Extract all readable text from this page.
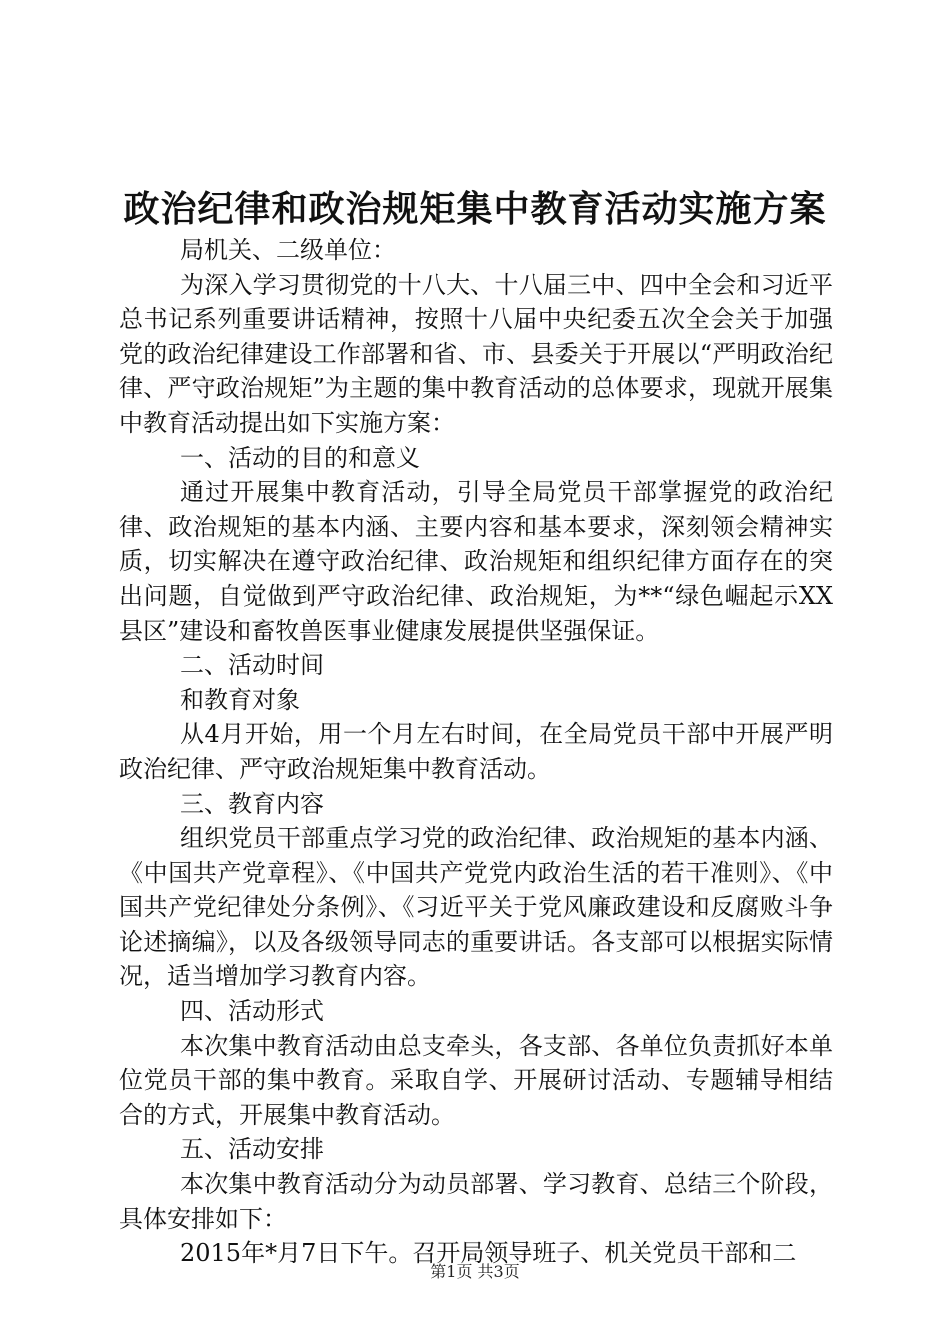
政治纪律和政治规矩集中教育活动实施方案

局机关、二级单位：

为深入学习贯彻党的十八大、十八届三中、四中全会和习近平总书记系列重要讲话精神，按照十八届中央纪委五次全会关于加强党的政治纪律建设工作部署和省、市、县委关于开展以“严明政治纪律、严守政治规矩”为主题的集中教育活动的总体要求，现就开展集中教育活动提出如下实施方案：

一、活动的目的和意义

通过开展集中教育活动，引导全局党员干部掌握党的政治纪律、政治规矩的基本内涵、主要内容和基本要求，深刻领会精神实质，切实解决在遵守政治纪律、政治规矩和组织纪律方面存在的突出问题，自觉做到严守政治纪律、政治规矩，为**“绿色崛起示XX县区”建设和畜牧兽医事业健康发展提供坚强保证。

二、活动时间

和教育对象

从4月开始，用一个月左右时间，在全局党员干部中开展严明政治纪律、严守政治规矩集中教育活动。

三、教育内容

组织党员干部重点学习党的政治纪律、政治规矩的基本内涵、《中国共产党章程》、《中国共产党党内政治生活的若干准则》、《中国共产党纪律处分条例》、《习近平关于党风廉政建设和反腐败斗争论述摘编》，以及各级领导同志的重要讲话。各支部可以根据实际情况，适当增加学习教育内容。

四、活动形式

本次集中教育活动由总支牵头，各支部、各单位负责抓好本单位党员干部的集中教育。采取自学、开展研讨活动、专题辅导相结合的方式，开展集中教育活动。

五、活动安排

本次集中教育活动分为动员部署、学习教育、总结三个阶段，具体安排如下：

2015年*月7日下午。召开局领导班子、机关党员干部和二

第1页 共3页
